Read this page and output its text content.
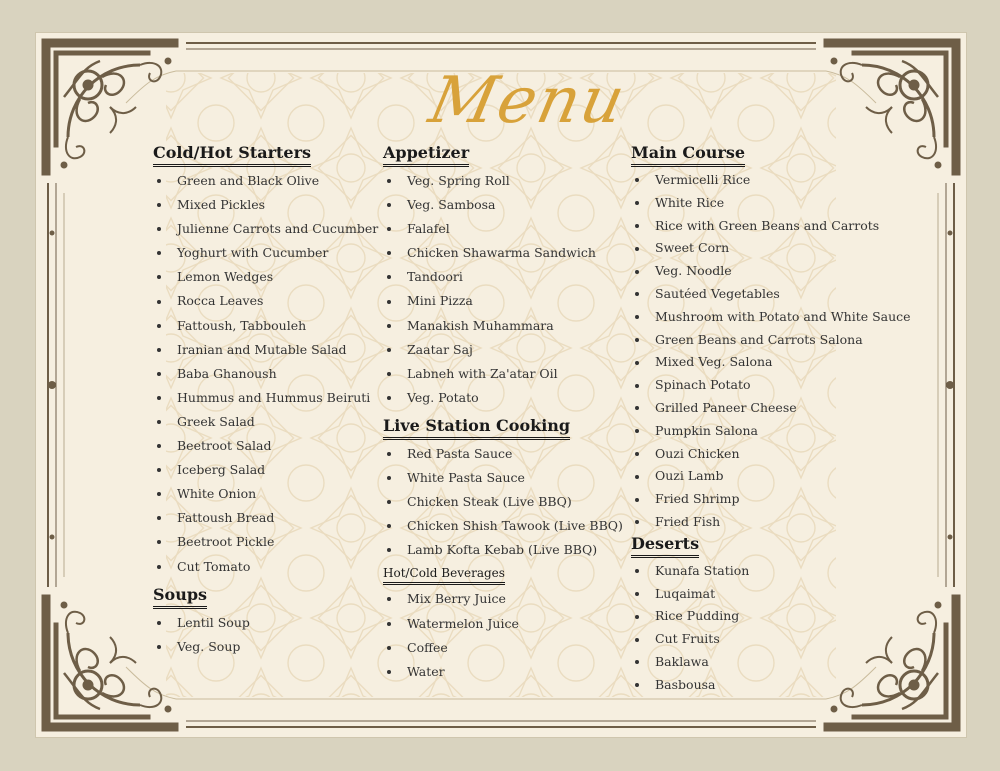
Menu
Cold/Hot Starters
Green and Black Olive
Mixed Pickles
Julienne Carrots and Cucumber
Yoghurt with Cucumber
Lemon Wedges
Rocca Leaves
Fattoush, Tabbouleh
Iranian and Mutable Salad
Baba Ghanoush
Hummus and Hummus Beiruti
Greek Salad
Beetroot Salad
Iceberg Salad
White Onion
Fattoush Bread
Beetroot Pickle
Cut Tomato
Soups
Lentil Soup
Veg. Soup
Appetizer
Veg. Spring Roll
Veg. Sambosa
Falafel
Chicken Shawarma Sandwich
Tandoori
Mini Pizza
Manakish Muhammara
Zaatar Saj
Labneh with Za'atar Oil
Veg. Potato
Live Station Cooking
Red Pasta Sauce
White Pasta Sauce
Chicken Steak (Live BBQ)
Chicken Shish Tawook (Live BBQ)
Lamb Kofta Kebab (Live BBQ)
Hot/Cold Beverages
Mix Berry Juice
Watermelon Juice
Coffee
Water
Main Course
Vermicelli Rice
White Rice
Rice with Green Beans and Carrots
Sweet Corn
Veg. Noodle
Sautéed Vegetables
Mushroom with Potato and White Sauce
Green Beans and Carrots Salona
Mixed Veg. Salona
Spinach Potato
Grilled Paneer Cheese
Pumpkin Salona
Ouzi Chicken
Ouzi Lamb
Fried Shrimp
Fried Fish
Deserts
Kunafa Station
Luqaimat
Rice Pudding
Cut Fruits
Baklawa
Basbousa
